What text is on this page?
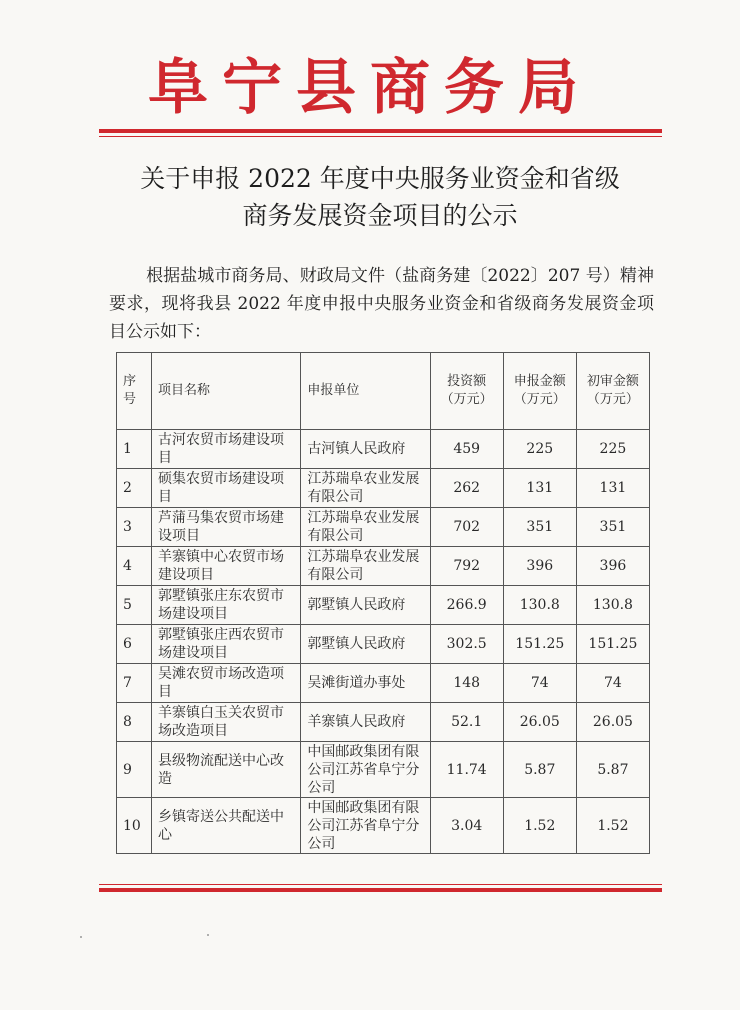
阜宁县商务局
关于申报 2022 年度中央服务业资金和省级
商务发展资金项目的公示
根据盐城市商务局、财政局文件（盐商务建〔2022〕207 号）精神要求，现将我县 2022 年度申报中央服务业资金和省级商务发展资金项目公示如下：
序号	项目名称	申报单位	投资额（万元）	申报金额（万元）	初审金额（万元）
1	古河农贸市场建设项目	古河镇人民政府	459	225	225
2	硕集农贸市场建设项目	江苏瑞阜农业发展有限公司	262	131	131
3	芦蒲马集农贸市场建设项目	江苏瑞阜农业发展有限公司	702	351	351
4	羊寨镇中心农贸市场建设项目	江苏瑞阜农业发展有限公司	792	396	396
5	郭墅镇张庄东农贸市场建设项目	郭墅镇人民政府	266.9	130.8	130.8
6	郭墅镇张庄西农贸市场建设项目	郭墅镇人民政府	302.5	151.25	151.25
7	吴滩农贸市场改造项目	吴滩街道办事处	148	74	74
8	羊寨镇白玉关农贸市场改造项目	羊寨镇人民政府	52.1	26.05	26.05
9	县级物流配送中心改造	中国邮政集团有限公司江苏省阜宁分公司	11.74	5.87	5.87
10	乡镇寄送公共配送中心	中国邮政集团有限公司江苏省阜宁分公司	3.04	1.52	1.52
